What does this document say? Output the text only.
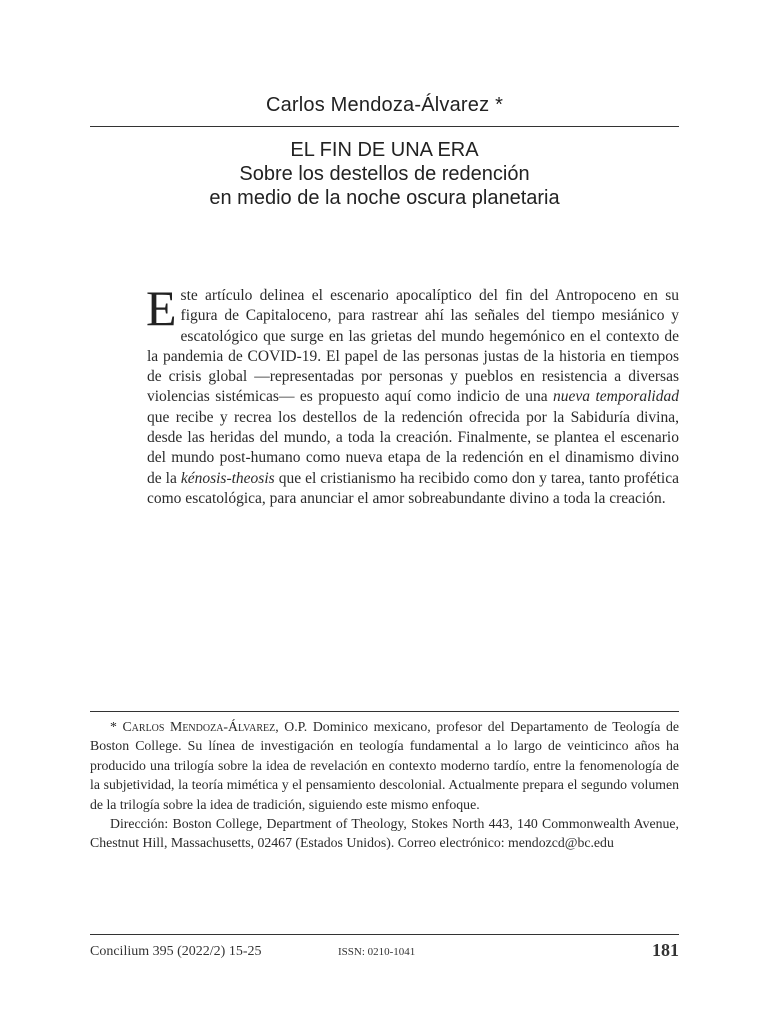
Carlos Mendoza-Álvarez *
EL FIN DE UNA ERA
Sobre los destellos de redención
en medio de la noche oscura planetaria
Este artículo delinea el escenario apocalíptico del fin del Antropoceno en su figura de Capitaloceno, para rastrear ahí las señales del tiempo mesiánico y escatológico que surge en las grietas del mundo hegemónico en el contexto de la pandemia de COVID-19. El papel de las personas justas de la historia en tiempos de crisis global —representadas por personas y pueblos en resistencia a diversas violencias sistémicas— es propuesto aquí como indicio de una nueva temporalidad que recibe y recrea los destellos de la redención ofrecida por la Sabiduría divina, desde las heridas del mundo, a toda la creación. Finalmente, se plantea el escenario del mundo post-humano como nueva etapa de la redención en el dinamismo divino de la kénosis-theosis que el cristianismo ha recibido como don y tarea, tanto profética como escatológica, para anunciar el amor sobreabundante divino a toda la creación.

* Carlos Mendoza-Álvarez, O.P. Dominico mexicano, profesor del Departamento de Teología de Boston College. Su línea de investigación en teología fundamental a lo largo de veinticinco años ha producido una trilogía sobre la idea de revelación en contexto moderno tardío, entre la fenomenología de la subjetividad, la teoría mimética y el pensamiento descolonial. Actualmente prepara el segundo volumen de la trilogía sobre la idea de tradición, siguiendo este mismo enfoque.

Dirección: Boston College, Department of Theology, Stokes North 443, 140 Commonwealth Avenue, Chestnut Hill, Massachusetts, 02467 (Estados Unidos). Correo electrónico: mendozcd@bc.edu

Concilium 395 (2022/2) 15-25	ISSN: 0210-1041	181
